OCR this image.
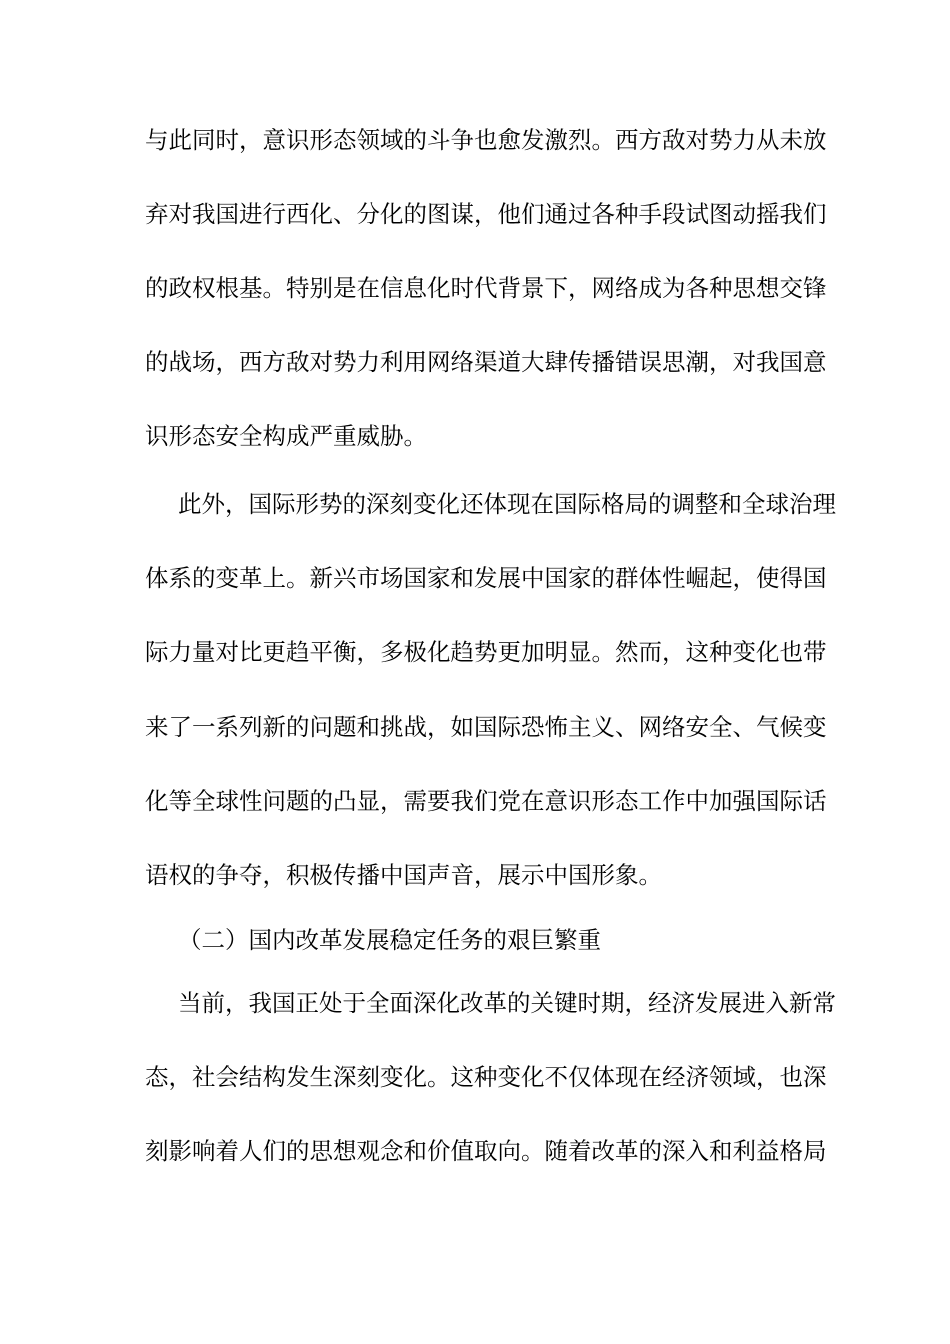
与此同时，意识形态领域的斗争也愈发激烈。西方敌对势力从未放
弃对我国进行西化、分化的图谋，他们通过各种手段试图动摇我们
的政权根基。特别是在信息化时代背景下，网络成为各种思想交锋
的战场，西方敌对势力利用网络渠道大肆传播错误思潮，对我国意
识形态安全构成严重威胁。
此外，国际形势的深刻变化还体现在国际格局的调整和全球治理
体系的变革上。新兴市场国家和发展中国家的群体性崛起，使得国
际力量对比更趋平衡，多极化趋势更加明显。然而，这种变化也带
来了一系列新的问题和挑战，如国际恐怖主义、网络安全、气候变
化等全球性问题的凸显，需要我们党在意识形态工作中加强国际话
语权的争夺，积极传播中国声音，展示中国形象。
（二）国内改革发展稳定任务的艰巨繁重
当前，我国正处于全面深化改革的关键时期，经济发展进入新常
态，社会结构发生深刻变化。这种变化不仅体现在经济领域，也深
刻影响着人们的思想观念和价值取向。随着改革的深入和利益格局
